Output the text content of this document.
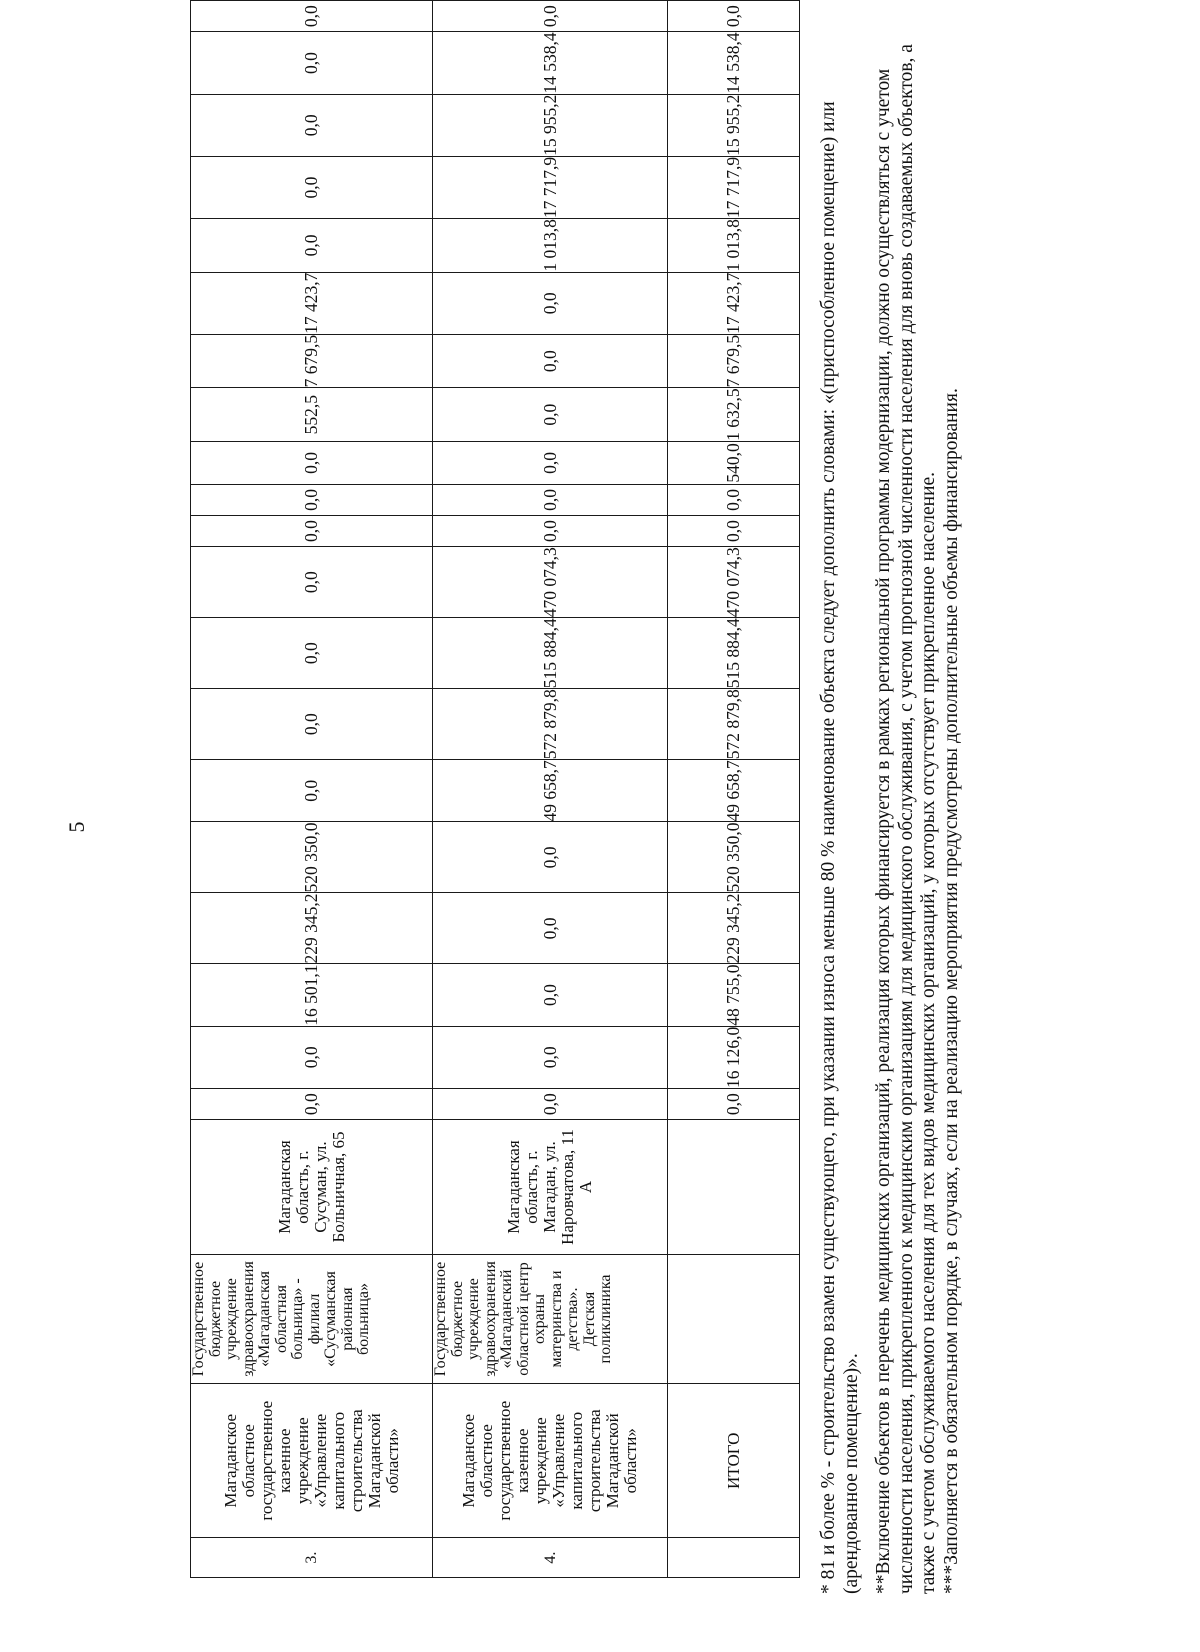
5
3.	Магаданское областное государственное казенное учреждение «Управление капитального строительства Магаданской области»	Государственное бюджетное учреждение здравоохранения «Магаданская областная больница» - филиал «Сусуманская районная больница»	Магаданская область, г. Сусуман, ул. Больничная, 65	0,0	0,0	16 501,1	229 345,2	520 350,0	0,0	0,0	0,0	0,0	0,0	0,0	0,0	552,5	7 679,5	17 423,7	0,0	0,0	0,0	0,0	0,0
4.	Магаданское областное государственное казенное учреждение «Управление капитального строительства Магаданской области»	Государственное бюджетное учреждение здравоохранения «Магаданский областной центр охраны материнства и детства». Детская поликлиника	Магаданская область, г. Магадан, ул. Наровчатова, 11 А	0,0	0,0	0,0	0,0	0,0	49 658,7	572 879,8	515 884,4	470 074,3	0,0	0,0	0,0	0,0	0,0	0,0	1 013,8	17 717,9	15 955,2	14 538,4	0,0
	ИТОГО			0,0	16 126,0	48 755,0	229 345,2	520 350,0	49 658,7	572 879,8	515 884,4	470 074,3	0,0	0,0	540,0	1 632,5	7 679,5	17 423,7	1 013,8	17 717,9	15 955,2	14 538,4	0,0

* 81 и более % - строительство взамен существующего, при указании износа меньше 80 % наименование объекта следует дополнить словами: «(приспособленное помещение) или (арендованное помещение)». **Включение объектов в перечень медицинских организаций, реализация которых финансируется в рамках региональной программы модернизации, должно осуществляться с учетом численности населения, прикрепленного к медицинским организациям для медицинского обслуживания, с учетом прогнозной численности населения для вновь создаваемых объектов, а также с учетом обслуживаемого населения для тех видов медицинских организаций, у которых отсутствует прикрепленное население. ***Заполняется в обязательном порядке, в случаях, если на реализацию мероприятия предусмотрены дополнительные объемы финансирования.
